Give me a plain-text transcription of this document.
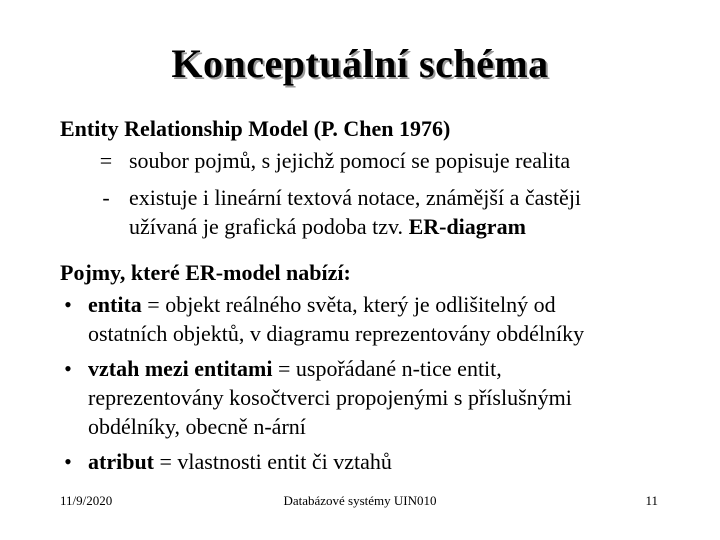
Konceptuální schéma
Entity Relationship Model (P. Chen 1976)
= soubor pojmů, s jejichž pomocí se popisuje realita
- existuje i lineární textová notace, známější a častěji
užívaná je grafická podoba tzv. ER-diagram
Pojmy, které ER-model nabízí:
• entita = objekt reálného světa, který je odlišitelný od
ostatních objektů, v diagramu reprezentovány obdélníky
• vztah mezi entitami = uspořádané n-tice entit,
reprezentovány kosočtverci propojenými s příslušnými
obdélníky, obecně n-ární
• atribut = vlastnosti entit či vztahů
11/9/2020	Databázové systémy UIN010	11
